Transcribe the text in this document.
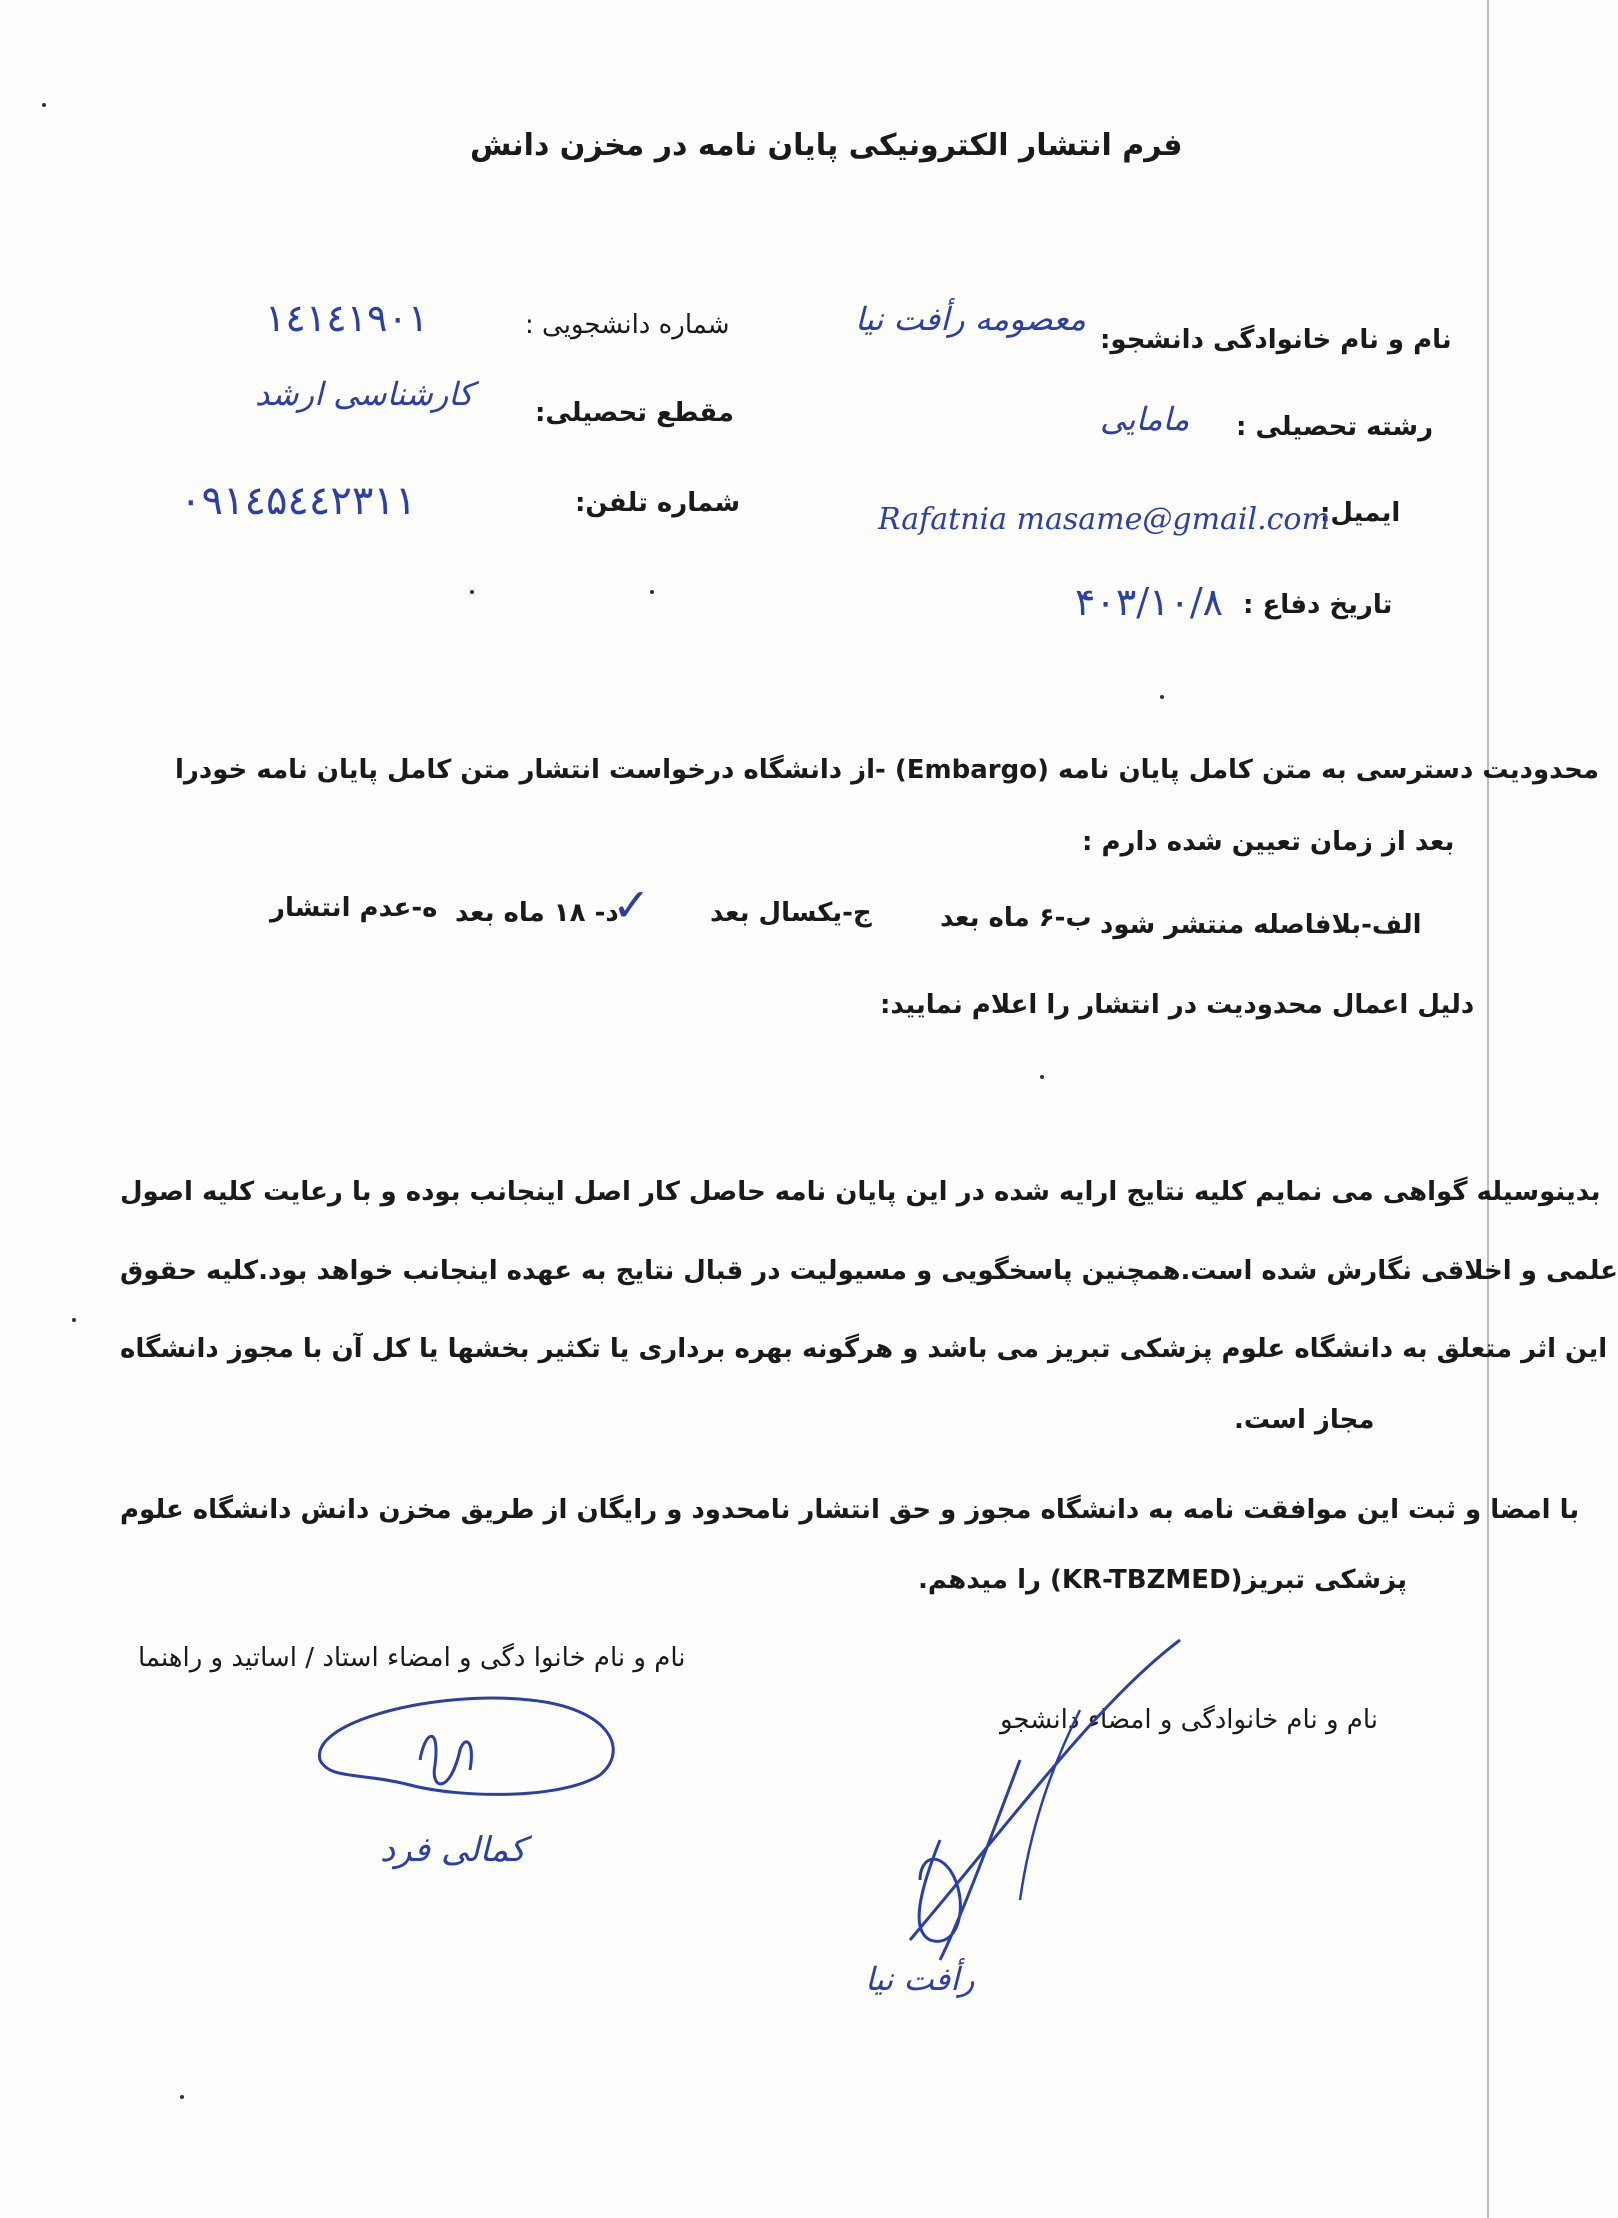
فرم انتشار الکترونیکی پایان نامه در مخزن دانش
نام و نام خانوادگی دانشجو:
معصومه رأفت نیا
شماره دانشجویی :
۱٤۱٤۱۹۰۱
مقطع تحصیلی:
کارشناسی ارشد
رشته تحصیلی :
مامایی
شماره تلفن:
۰۹۱٤۵٤٤۲۳۱۱	ایمیل:
Rafatnia masame@gmail.com
تاریخ دفاع :
۴۰۳/۱۰/۸
محدودیت دسترسی به متن کامل پایان نامه (Embargo) -از دانشگاه درخواست انتشار متن کامل پایان نامه خودرا
بعد از زمان تعیین شده دارم :
الف-بلافاصله منتشر شود
ب-۶ ماه بعد
ج-یکسال بعد
✓
د- ۱۸ ماه بعد
ه-عدم انتشار
دلیل اعمال محدودیت در انتشار را اعلام نمایید:
بدینوسیله گواهی می نمایم کلیه نتایج ارایه شده در این پایان نامه حاصل کار اصل اینجانب بوده و با رعایت کلیه اصول
علمی و اخلاقی نگارش شده است.همچنین پاسخگویی و مسیولیت در قبال نتایج به عهده اینجانب خواهد بود.کلیه حقوق
این اثر متعلق به دانشگاه علوم پزشکی تبریز می باشد و هرگونه بهره برداری یا تکثیر بخشها یا کل آن با مجوز دانشگاه
مجاز است.
با امضا و ثبت این موافقت نامه به دانشگاه مجوز و حق انتشار نامحدود و رایگان از طریق مخزن دانش دانشگاه علوم
پزشکی تبریز(KR-TBZMED) را میدهم.
نام و نام خانوادگی و امضاء دانشجو
نام و نام خانوا دگی و امضاء استاد / اساتید و راهنما
کمالی فرد
رأفت نیا
